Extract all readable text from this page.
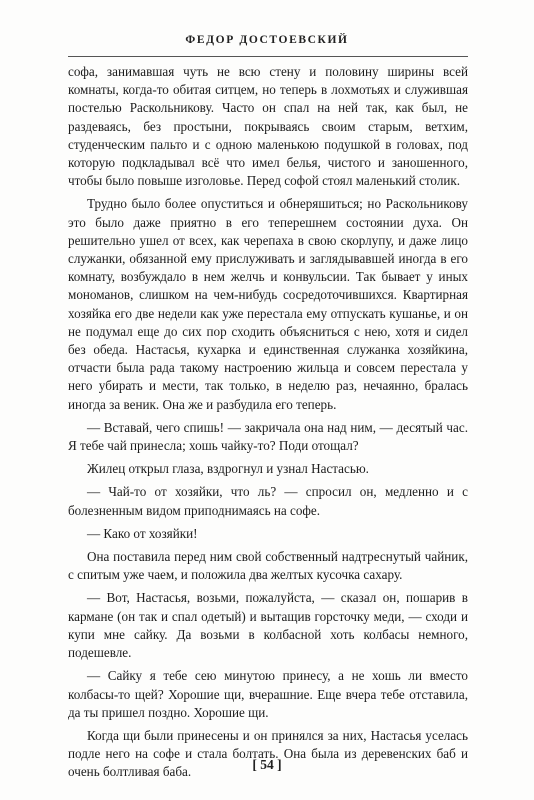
ФЕДОР ДОСТОЕВСКИЙ

софа, занимавшая чуть не всю стену и половину ширины всей комнаты, когда-то обитая ситцем, но теперь в лохмотьях и служившая постелью Раскольникову. Часто он спал на ней так, как был, не раздеваясь, без простыни, покрываясь своим старым, ветхим, студенческим пальто и с одною маленькою подушкой в головах, под которую подкладывал всё что имел белья, чистого и заношенного, чтобы было повыше изголовье. Перед софой стоял маленький столик.

Трудно было более опуститься и обнеряшиться; но Раскольникову это было даже приятно в его теперешнем состоянии духа. Он решительно ушел от всех, как черепаха в свою скорлупу, и даже лицо служанки, обязанной ему прислуживать и заглядывавшей иногда в его комнату, возбуждало в нем желчь и конвульсии. Так бывает у иных мономанов, слишком на чем-нибудь сосредоточившихся. Квартирная хозяйка его две недели как уже перестала ему отпускать кушанье, и он не подумал еще до сих пор сходить объясниться с нею, хотя и сидел без обеда. Настасья, кухарка и единственная служанка хозяйкина, отчасти была рада такому настроению жильца и совсем перестала у него убирать и мести, так только, в неделю раз, нечаянно, бралась иногда за веник. Она же и разбудила его теперь.

— Вставай, чего спишь! — закричала она над ним, — десятый час. Я тебе чай принесла; хошь чайку-то? Поди отощал?

Жилец открыл глаза, вздрогнул и узнал Настасью.

— Чай-то от хозяйки, что ль? — спросил он, медленно и с болезненным видом приподнимаясь на софе.

— Како от хозяйки!

Она поставила перед ним свой собственный надтреснутый чайник, с спитым уже чаем, и положила два желтых кусочка сахару.

— Вот, Настасья, возьми, пожалуйста, — сказал он, пошарив в кармане (он так и спал одетый) и вытащив горсточку меди, — сходи и купи мне сайку. Да возьми в колбасной хоть колбасы немного, подешевле.

— Сайку я тебе сею минутою принесу, а не хошь ли вместо колбасы-то щей? Хорошие щи, вчерашние. Еще вчера тебе отставила, да ты пришел поздно. Хорошие щи.

Когда щи были принесены и он принялся за них, Настасья уселась подле него на софе и стала болтать. Она была из деревенских баб и очень болтливая баба.	[ 54 ]
